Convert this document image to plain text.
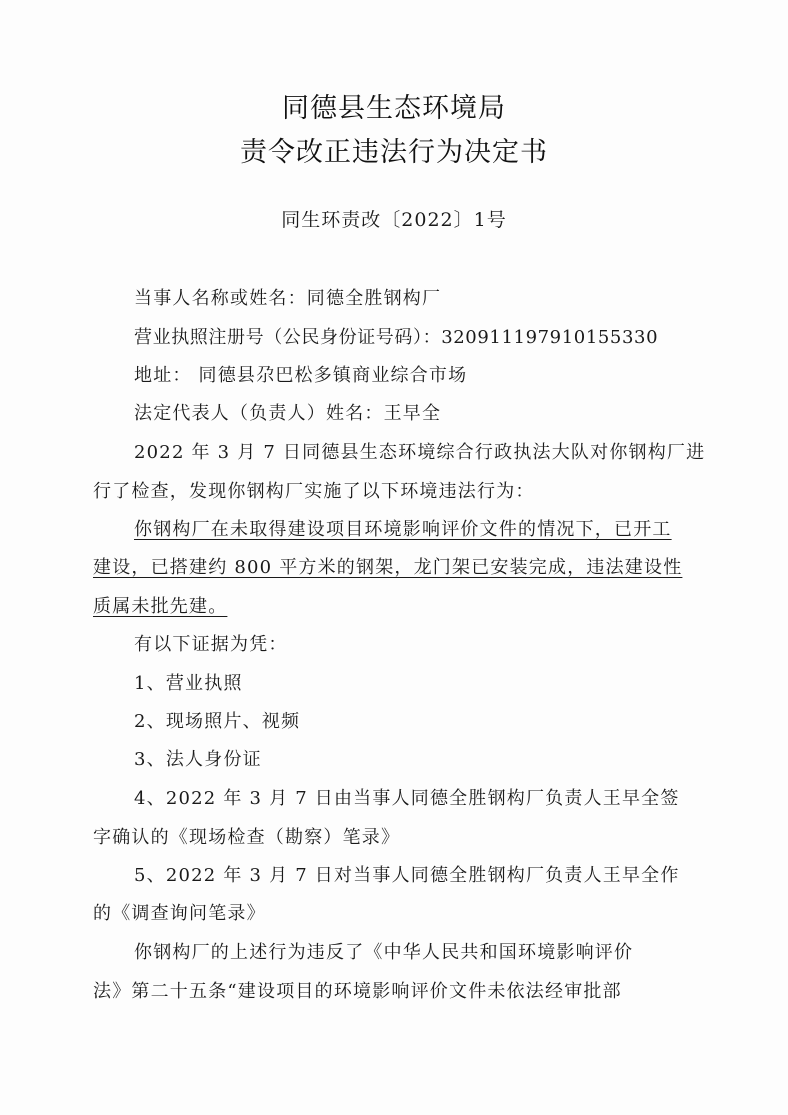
同德县生态环境局
责令改正违法行为决定书
同生环责改〔2022〕1号
当事人名称或姓名：同德全胜钢构厂
营业执照注册号（公民身份证号码）：320911197910155330
地址： 同德县尕巴松多镇商业综合市场
法定代表人（负责人）姓名：王早全
2022 年 3 月 7 日同德县生态环境综合行政执法大队对你钢构厂进
行了检查，发现你钢构厂实施了以下环境违法行为：
你钢构厂在未取得建设项目环境影响评价文件的情况下，已开工
建设，已搭建约 800 平方米的钢架，龙门架已安装完成，违法建设性
质属未批先建。
有以下证据为凭：
1、营业执照
2、现场照片、视频
3、法人身份证
4、2022 年 3 月 7 日由当事人同德全胜钢构厂负责人王早全签
字确认的《现场检查（勘察）笔录》
5、2022 年 3 月 7 日对当事人同德全胜钢构厂负责人王早全作
的《调查询问笔录》
你钢构厂的上述行为违反了《中华人民共和国环境影响评价
法》第二十五条“建设项目的环境影响评价文件未依法经审批部
